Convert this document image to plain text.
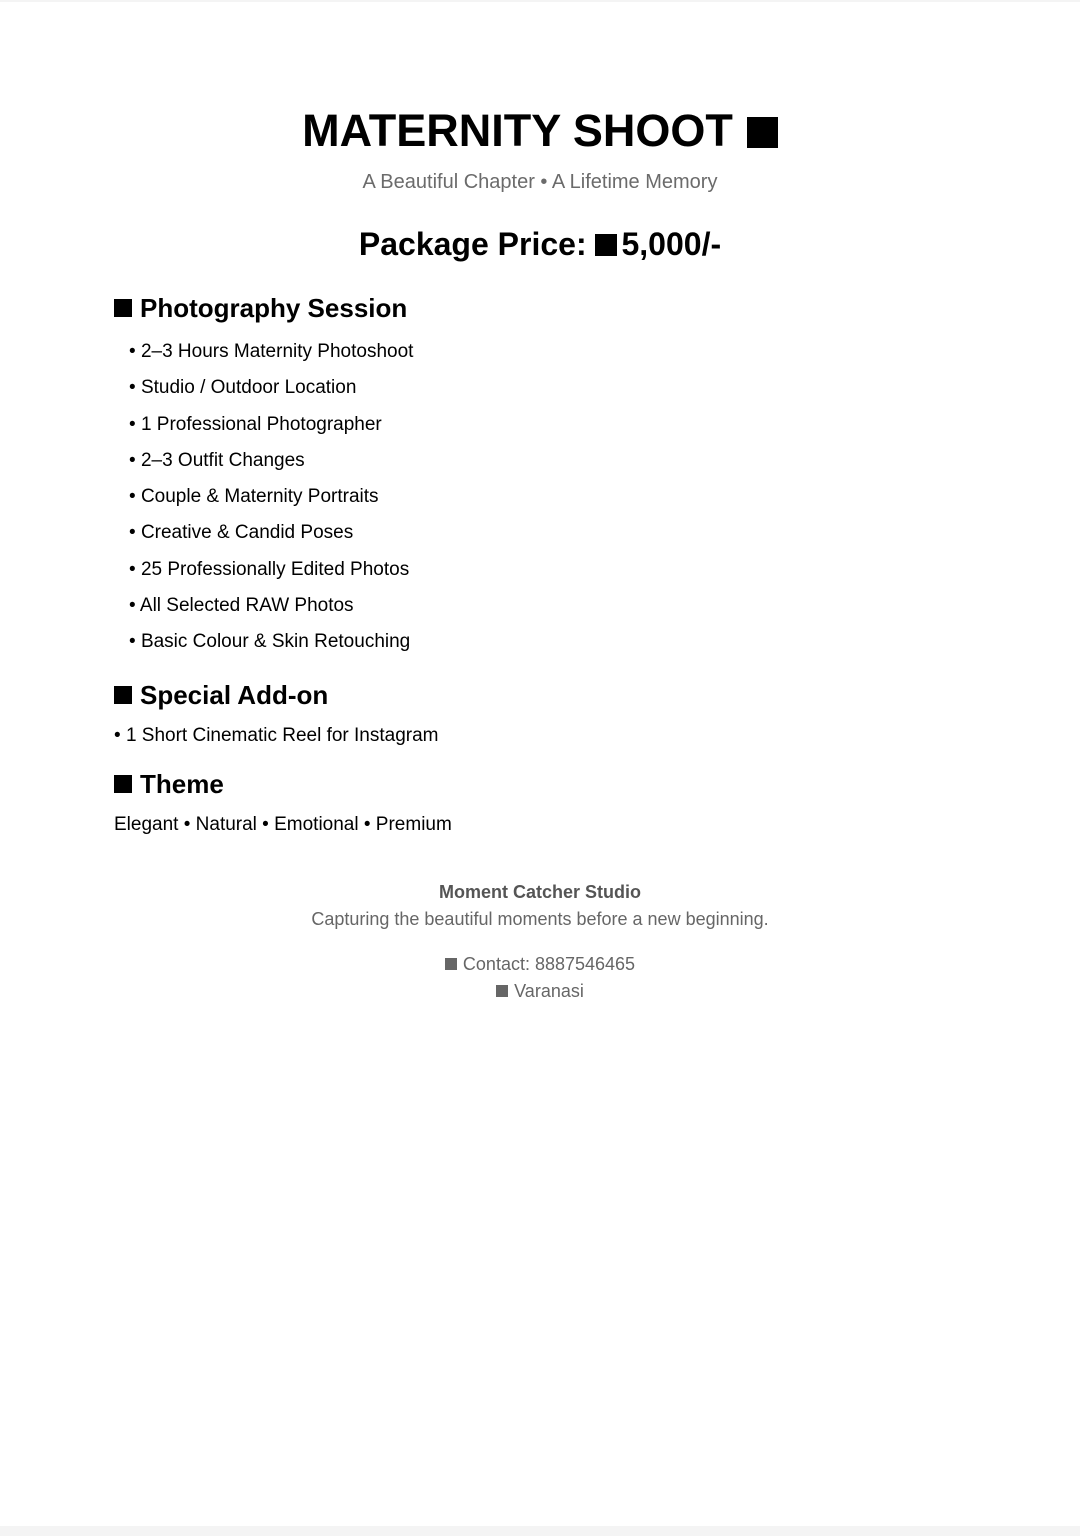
MATERNITY SHOOT
A Beautiful Chapter • A Lifetime Memory
Package Price: 5,000/-
Photography Session
• 2–3 Hours Maternity Photoshoot
• Studio / Outdoor Location
• 1 Professional Photographer
• 2–3 Outfit Changes
• Couple & Maternity Portraits
• Creative & Candid Poses
• 25 Professionally Edited Photos
• All Selected RAW Photos
• Basic Colour & Skin Retouching
Special Add-on
• 1 Short Cinematic Reel for Instagram
Theme
Elegant • Natural • Emotional • Premium
Moment Catcher Studio
Capturing the beautiful moments before a new beginning.
Contact: 8887546465
Varanasi
